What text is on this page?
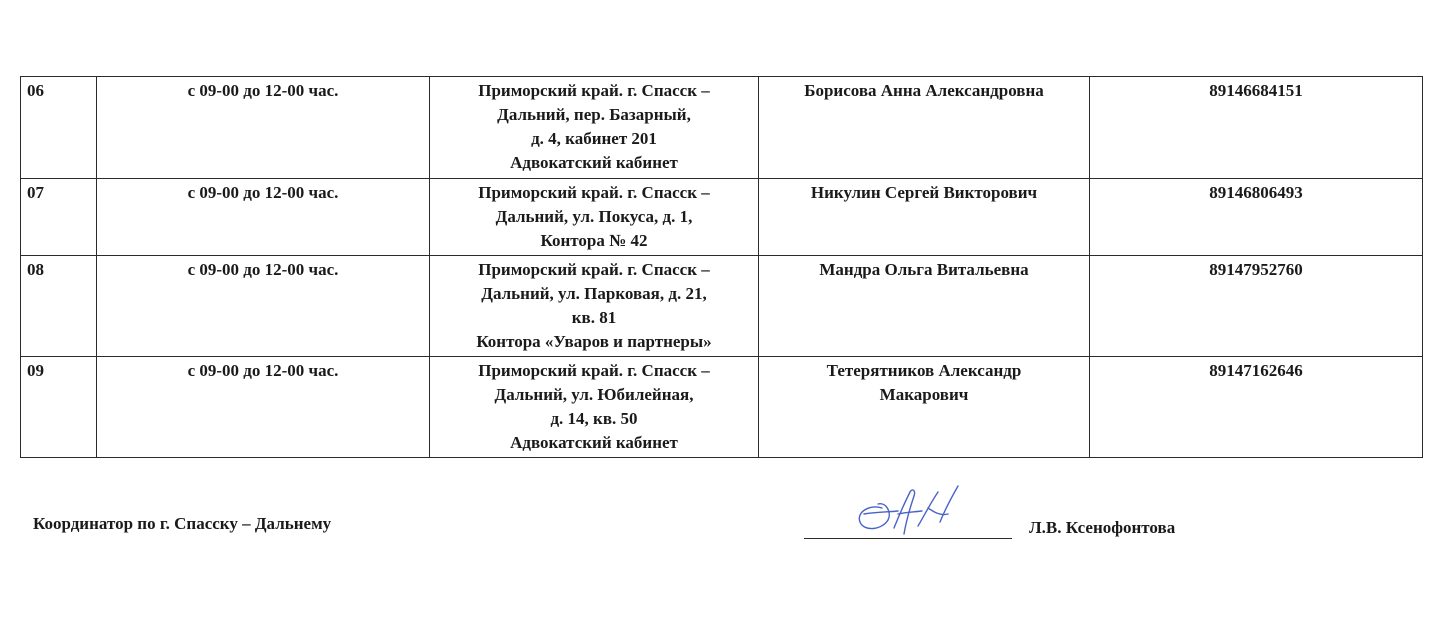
06	с 09-00 до 12-00 час.	Приморский край. г. Спасск –
Дальний, пер. Базарный,
д. 4, кабинет 201
Адвокатский кабинет	Борисова Анна Александровна	89146684151
07	с 09-00 до 12-00 час.	Приморский край. г. Спасск –
Дальний, ул. Покуса, д. 1,
Контора № 42	Никулин Сергей Викторович	89146806493
08	с 09-00 до 12-00 час.	Приморский край. г. Спасск –
Дальний, ул. Парковая, д. 21,
кв. 81
Контора «Уваров и партнеры»	Мандра Ольга Витальевна	89147952760
09	с 09-00 до 12-00 час.	Приморский край. г. Спасск –
Дальний, ул. Юбилейная,
д. 14, кв. 50
Адвокатский кабинет	Тетерятников Александр
Макарович	89147162646
Координатор по г. Спасску – Дальнему	Л.В. Ксенофонтова
